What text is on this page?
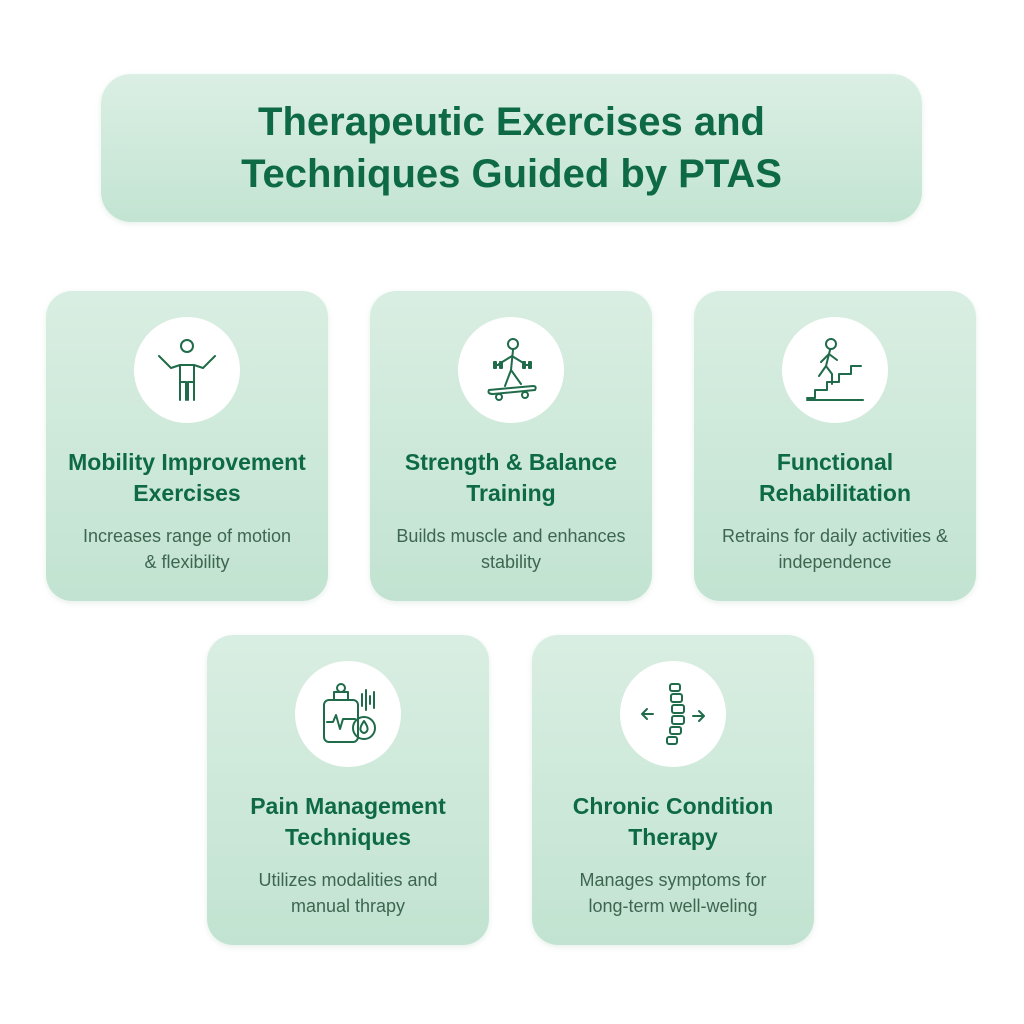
Therapeutic Exercises and
Techniques Guided by PTAS
Mobility Improvement
Exercises
Increases range of motion
& flexibility
Strength & Balance
Training
Builds muscle and enhances
stability
Functional
Rehabilitation
Retrains for daily activities &
independence
Pain Management
Techniques
Utilizes modalities and
manual thrapy
Chronic Condition
Therapy
Manages symptoms for
long-term well-weling
